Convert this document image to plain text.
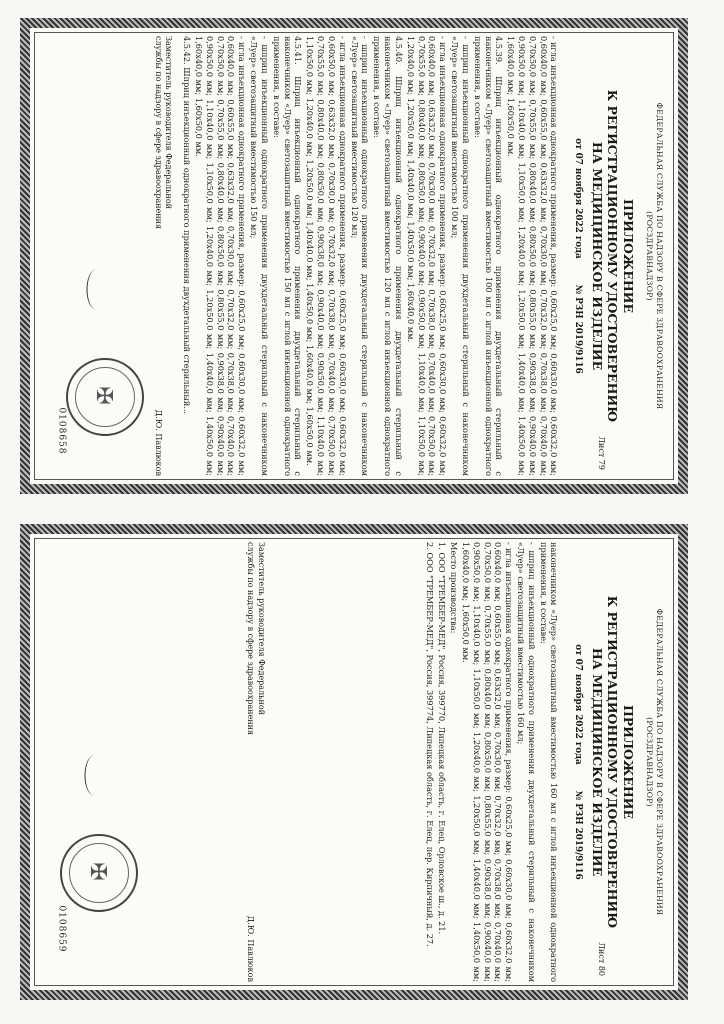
ФЕДЕРАЛЬНАЯ СЛУЖБА ПО НАДЗОРУ В СФЕРЕ ЗДРАВООХРАНЕНИЯ
(РОСЗДРАВНАДЗОР)
Лист 79
ПРИЛОЖЕНИЕ
К РЕГИСТРАЦИОННОМУ УДОСТОВЕРЕНИЮ
НА МЕДИЦИНСКОЕ ИЗДЕЛИЕ
от 07 ноября 2022 года
№ РЗН 2019/9116

- игла инъекционная однократного применения, размер: 0,60x25,0 мм; 0,60x30,0 мм; 0,60x32,0 мм; 0,60x40,0 мм; 0,60x55,0 мм; 0,63x32,0 мм; 0,70x30,0 мм; 0,70x32,0 мм; 0,70x38,0 мм; 0,70x40,0 мм; 0,70x50,0 мм; 0,70x55,0 мм; 0,80x40,0 мм; 0,80x50,0 мм; 0,80x55,0 мм; 0,90x38,0 мм; 0,90x40,0 мм; 0,90x50,0 мм; 1,10x40,0 мм; 1,10x50,0 мм; 1,20x40,0 мм; 1,20x50,0 мм; 1,40x40,0 мм; 1,40x50,0 мм; 1,60x40,0 мм; 1,60x50,0 мм.

4.5.39. Шприц инъекционный однократного применения двухдетальный стерильный с наконечником «Луер» светозащитный вместимостью 100 мл с иглой инъекционной однократного применения, в составе:

- шприц инъекционный однократного применения двухдетальный стерильный с наконечником «Луер» светозащитный вместимостью 100 мл;

- игла инъекционная однократного применения, размер: 0,60x25,0 мм; 0,60x30,0 мм; 0,60x32,0 мм; 0,60x40,0 мм; 0,63x32,0 мм; 0,70x30,0 мм; 0,70x32,0 мм; 0,70x38,0 мм; 0,70x40,0 мм; 0,70x50,0 мм; 0,70x55,0 мм; 0,80x40,0 мм; 0,80x50,0 мм; 0,90x40,0 мм; 0,90x50,0 мм; 1,10x40,0 мм; 1,10x50,0 мм; 1,20x40,0 мм; 1,20x50,0 мм; 1,40x40,0 мм; 1,40x50,0 мм; 1,60x40,0 мм.

4.5.40. Шприц инъекционный однократного применения двухдетальный стерильный с наконечником «Луер» светозащитный вместимостью 120 мл с иглой инъекционной однократного применения, в составе:

- шприц инъекционный однократного применения двухдетальный стерильный с наконечником «Луер» светозащитный вместимостью 120 мл;

- игла инъекционная однократного применения, размер: 0,60x25,0 мм; 0,60x30,0 мм; 0,60x32,0 мм; 0,60x50,0 мм; 0,63x32,0 мм; 0,70x30,0 мм; 0,70x32,0 мм; 0,70x38,0 мм; 0,70x40,0 мм; 0,70x50,0 мм; 0,70x55,0 мм; 0,80x40,0 мм; 0,80x50,0 мм; 0,90x38,0 мм; 0,90x40,0 мм; 0,90x50,0 мм; 1,10x40,0 мм; 1,10x50,0 мм; 1,20x40,0 мм; 1,20x50,0 мм; 1,40x40,0 мм; 1,40x50,0 мм; 1,60x40,0 мм; 1,60x50,0 мм.

4.5.41. Шприц инъекционный однократного применения двухдетальный стерильный с наконечником «Луер» светозащитный вместимостью 150 мл с иглой инъекционной однократного применения, в составе:

- шприц инъекционный однократного применения двухдетальный стерильный с наконечником «Луер» светозащитный вместимостью 150 мл;

- игла инъекционная однократного применения, размер: 0,60x25,0 мм; 0,60x30,0 мм; 0,60x32,0 мм; 0,60x40,0 мм; 0,60x55,0 мм; 0,63x32,0 мм; 0,70x30,0 мм; 0,70x32,0 мм; 0,70x38,0 мм; 0,70x40,0 мм; 0,70x50,0 мм; 0,70x55,0 мм; 0,80x40,0 мм; 0,80x50,0 мм; 0,80x55,0 мм; 0,90x38,0 мм; 0,90x40,0 мм; 0,90x50,0 мм; 1,10x40,0 мм; 1,10x50,0 мм; 1,20x40,0 мм; 1,20x50,0 мм; 1,40x40,0 мм; 1,40x50,0 мм; 1,60x40,0 мм; 1,60x50,0 мм.

4.5.42. Шприц инъекционный однократного применения двухдетальный стерильный...

Заместитель руководителя Федеральной службы по надзору в сфере здравоохранения
Д.Ю. Павлюков
✠
0108658
ФЕДЕРАЛЬНАЯ СЛУЖБА ПО НАДЗОРУ В СФЕРЕ ЗДРАВООХРАНЕНИЯ
(РОСЗДРАВНАДЗОР)
Лист 80
ПРИЛОЖЕНИЕ
К РЕГИСТРАЦИОННОМУ УДОСТОВЕРЕНИЮ
НА МЕДИЦИНСКОЕ ИЗДЕЛИЕ
от 07 ноября 2022 года
№ РЗН 2019/9116

наконечником «Луер» светозащитный вместимостью 160 мл с иглой инъекционной однократного применения, в составе:

- шприц инъекционный однократного применения двухдетальный стерильный с наконечником «Луер» светозащитный вместимостью 160 мл;

- игла инъекционная однократного применения, размер: 0,60x25,0 мм; 0,60x30,0 мм; 0,60x32,0 мм; 0,60x40,0 мм; 0,60x55,0 мм; 0,63x32,0 мм; 0,70x30,0 мм; 0,70x32,0 мм; 0,70x38,0 мм; 0,70x40,0 мм; 0,70x50,0 мм; 0,70x55,0 мм; 0,80x40,0 мм; 0,80x50,0 мм; 0,80x55,0 мм; 0,90x38,0 мм; 0,90x40,0 мм; 0,90x50,0 мм; 1,10x40,0 мм; 1,10x50,0 мм; 1,20x40,0 мм; 1,20x50,0 мм; 1,40x40,0 мм; 1,40x50,0 мм; 1,60x40,0 мм; 1,60x50,0 мм.

Место производства:

1. ООО "ТРЕМБЕР-МЕД", Россия, 399770, Липецкая область, г. Елец, Орловское ш., д. 21.

2. ООО "ТРЕМБЕР-МЕД", Россия, 399774, Липецкая область, г. Елец, пер. Кирпичный, д. 27.

Заместитель руководителя Федеральной службы по надзору в сфере здравоохранения
Д.Ю. Павлюков
✠
0108659
